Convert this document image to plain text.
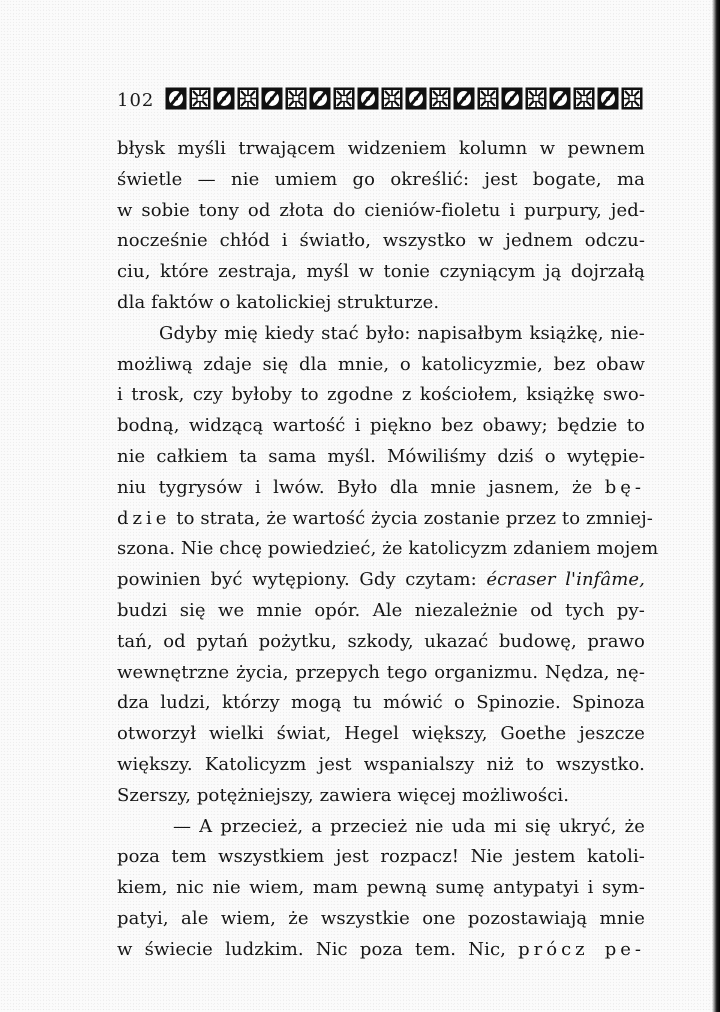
102
błysk myśli trwającem widzeniem kolumn w pewnem
świetle — nie umiem go określić: jest bogate, ma
w sobie tony od złota do cieniów-fioletu i purpury, jed-
nocześnie chłód i światło, wszystko w jednem odczu-
ciu, które zestraja, myśl w tonie czyniącym ją dojrzałą
dla faktów o katolickiej strukturze.
Gdyby mię kiedy stać było: napisałbym książkę, nie-
możliwą zdaje się dla mnie, o katolicyzmie, bez obaw
i trosk, czy byłoby to zgodne z kościołem, książkę swo-
bodną, widzącą wartość i piękno bez obawy; będzie to
nie całkiem ta sama myśl. Mówiliśmy dziś o wytępie-
niu tygrysów i lwów. Było dla mnie jasnem, że bę-
dzie to strata, że wartość życia zostanie przez to zmniej-
szona. Nie chcę powiedzieć, że katolicyzm zdaniem mojem
powinien być wytępiony. Gdy czytam: écraser l'infâme,
budzi się we mnie opór. Ale niezależnie od tych py-
tań, od pytań pożytku, szkody, ukazać budowę, prawo
wewnętrzne życia, przepych tego organizmu. Nędza, nę-
dza ludzi, którzy mogą tu mówić o Spinozie. Spinoza
otworzył wielki świat, Hegel większy, Goethe jeszcze
większy. Katolicyzm jest wspanialszy niż to wszystko.
Szerszy, potężniejszy, zawiera więcej możliwości.
— A przecież, a przecież nie uda mi się ukryć, że
poza tem wszystkiem jest rozpacz! Nie jestem katoli-
kiem, nic nie wiem, mam pewną sumę antypatyi i sym-
patyi, ale wiem, że wszystkie one pozostawiają mnie
w świecie ludzkim. Nic poza tem. Nic, prócz pe-
